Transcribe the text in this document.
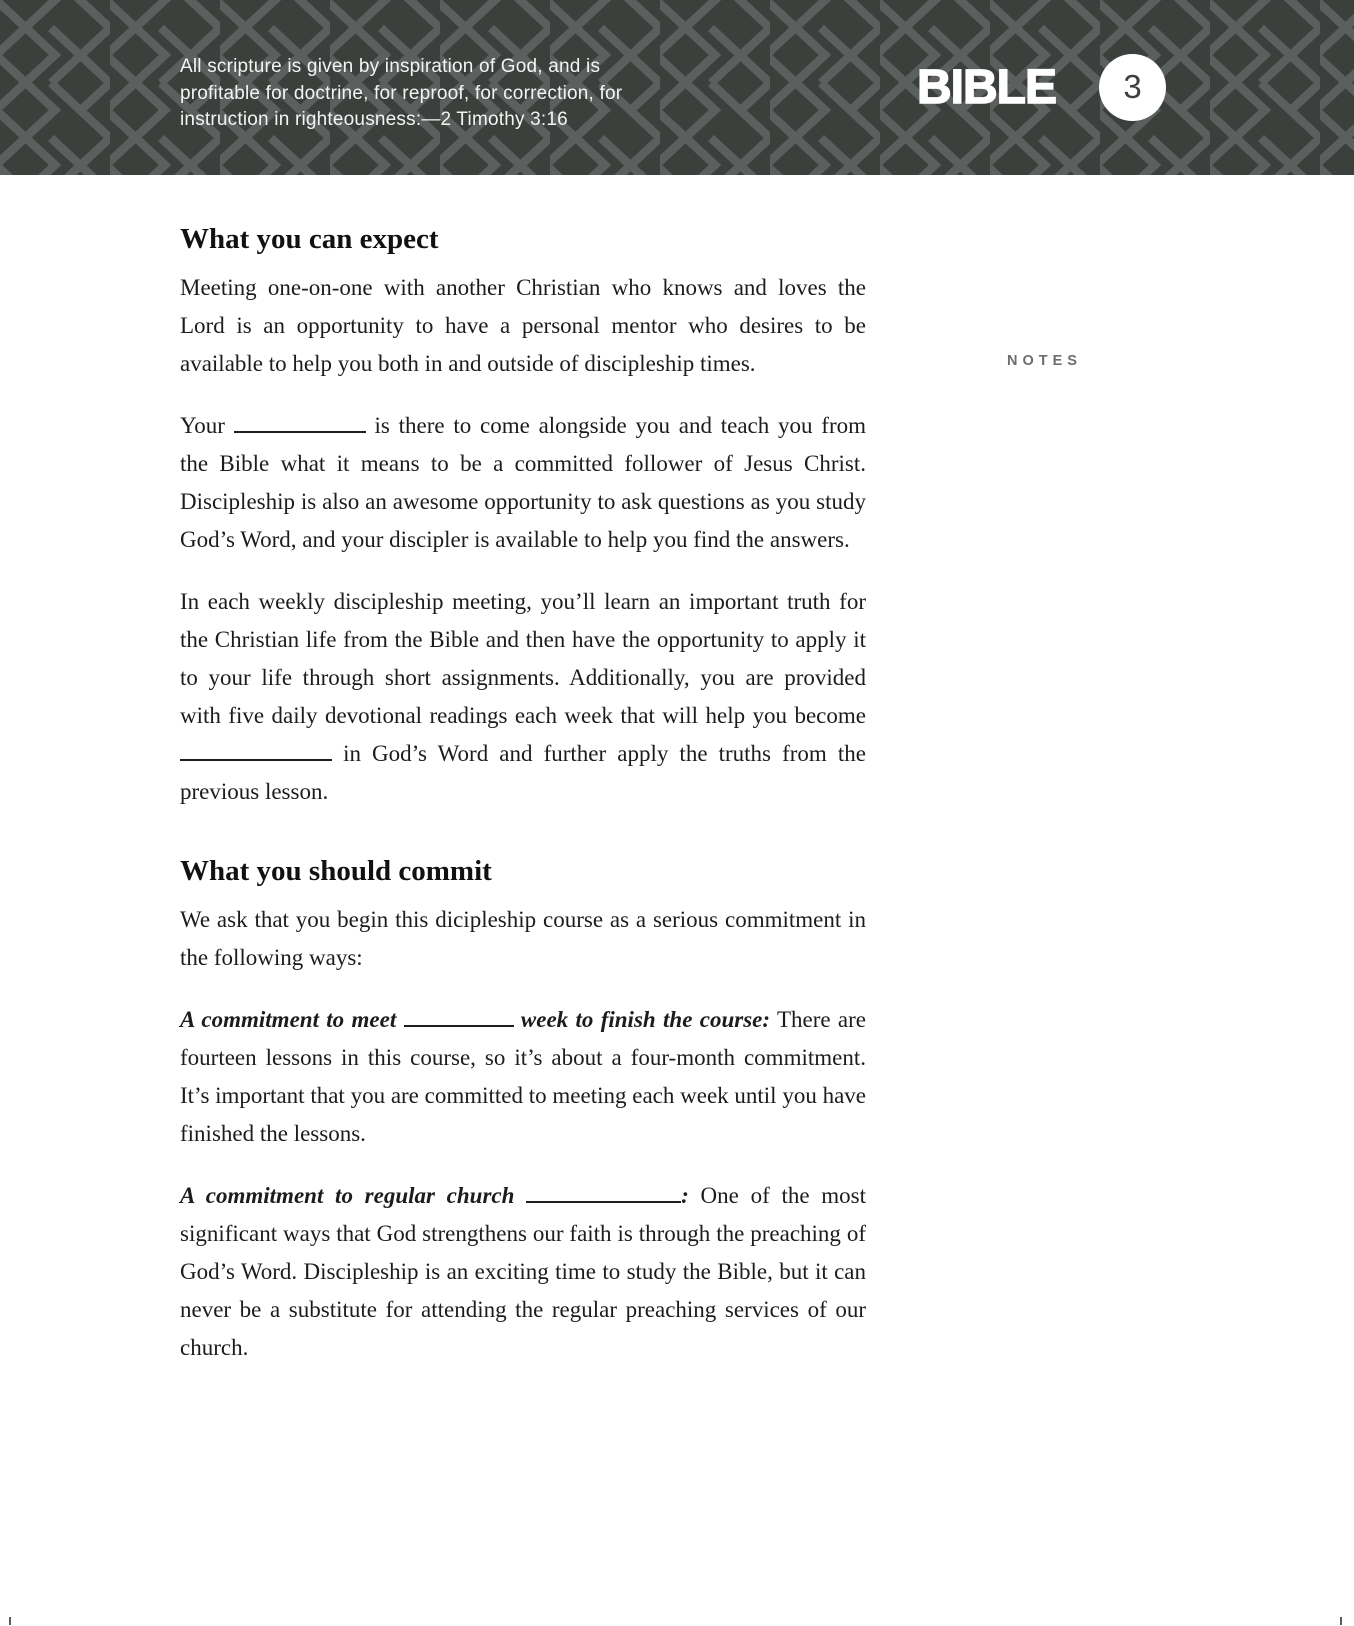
All scripture is given by inspiration of God, and is
profitable for doctrine, for reproof, for correction, for
instruction in righteousness:—2 Timothy 3:16
BIBLE 3
NOTES
What you can expect

Meeting one-on-one with another Christian who knows and loves the Lord is an opportunity to have a personal mentor who desires to be available to help you both in and outside of discipleship times.

Your	is there to come alongside you and teach you from the Bible what it means to be a committed follower of Jesus Christ. Discipleship is also an awesome opportunity to ask questions as you study God’s Word, and your discipler is available to help you find the answers.

In each weekly discipleship meeting, you’ll learn an important truth for the Christian life from the Bible and then have the opportunity to apply it to your life through short assignments. Additionally, you are provided with five daily devotional readings each week that will help you become  in God’s Word and further apply the truths from the previous lesson.

What you should commit

We ask that you begin this dicipleship course as a serious commitment in the following ways:

A commitment to meet	week to finish the course: There are fourteen lessons in this course, so it’s about a four-month commitment. It’s important that you are committed to meeting each week until you have finished the lessons.

A commitment to regular church	: One of the most significant ways that God strengthens our faith is through the preaching of God’s Word. Discipleship is an exciting time to study the Bible, but it can never be a substitute for attending the regular preaching services of our church.
